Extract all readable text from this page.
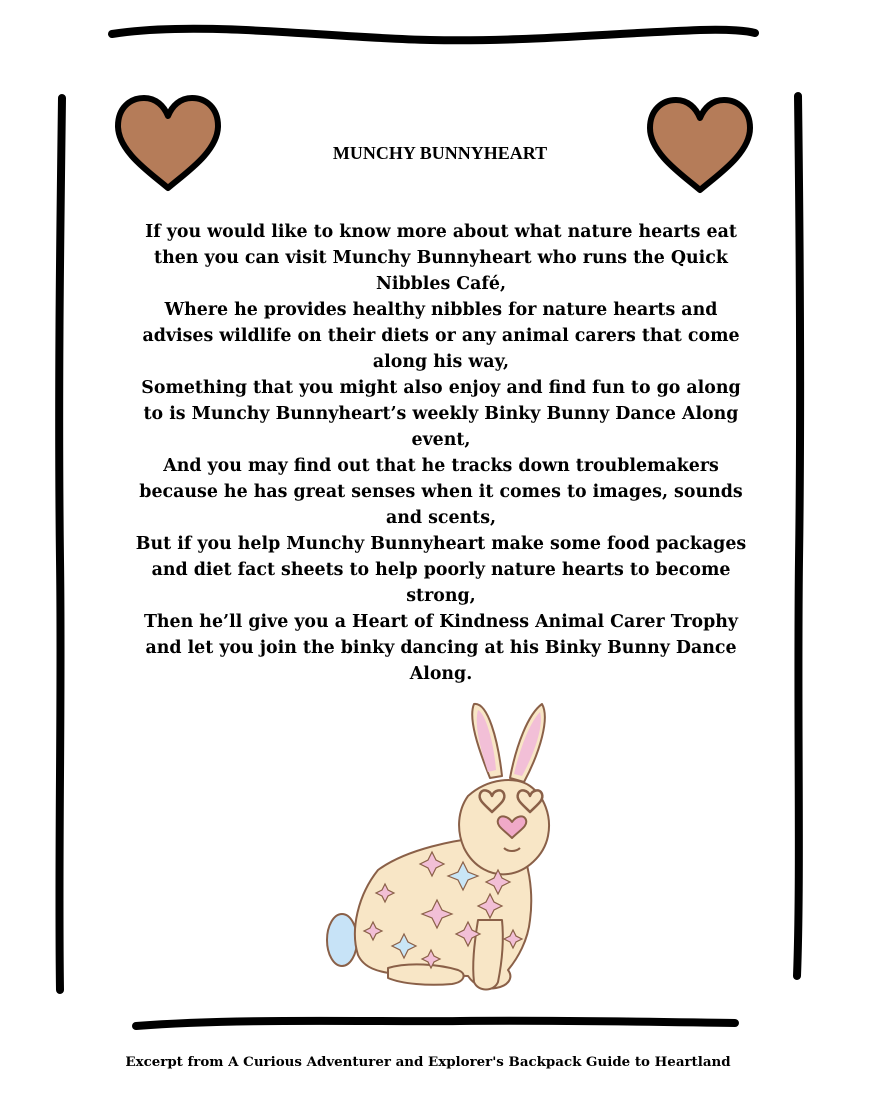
MUNCHY BUNNYHEART

If you would like to know more about what nature hearts eat then you can visit Munchy Bunnyheart who runs the Quick Nibbles Café,

Where he provides healthy nibbles for nature hearts and advises wildlife on their diets or any animal carers that come along his way,

Something that you might also enjoy and find fun to go along to is Munchy Bunnyheart’s weekly Binky Bunny Dance Along event,

And you may find out that he tracks down troublemakers because he has great senses when it comes to images, sounds and scents,

But if you help Munchy Bunnyheart make some food packages and diet fact sheets to help poorly nature hearts to become strong,

Then he’ll give you a Heart of Kindness Animal Carer Trophy and let you join the binky dancing at his Binky Bunny Dance Along.

Excerpt from A Curious Adventurer and Explorer's Backpack Guide to Heartland
